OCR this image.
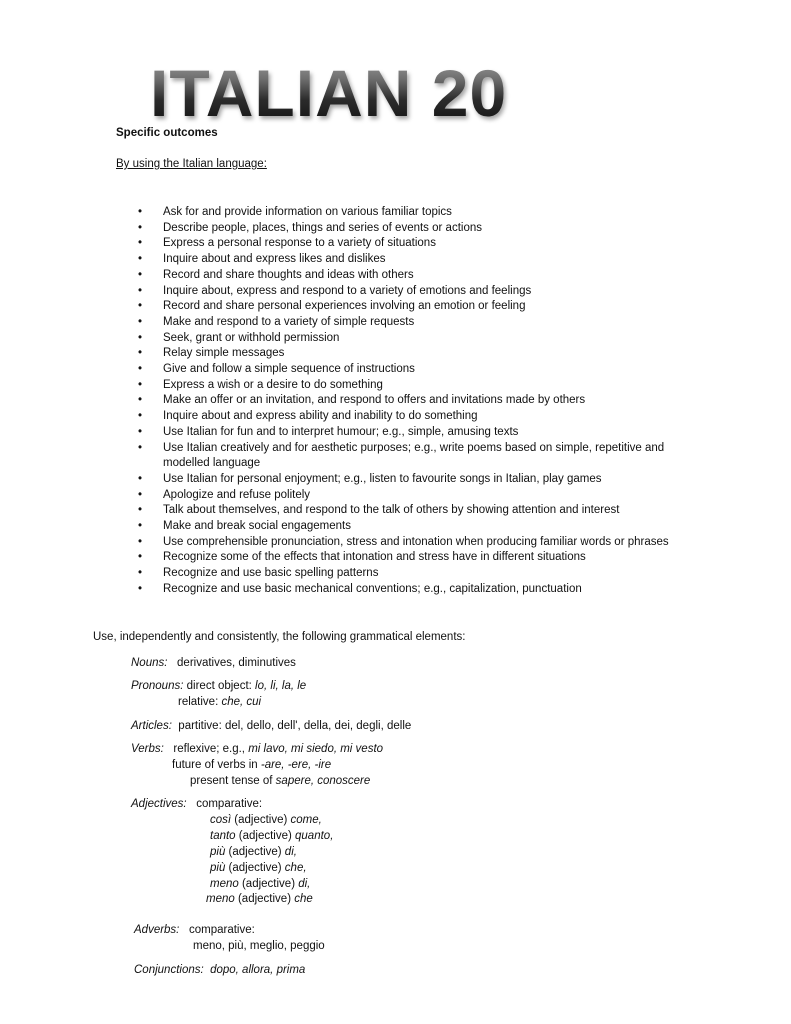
ITALIAN 20
Specific outcomes
By using the Italian language:
• Ask for and provide information on various familiar topics
• Describe people, places, things and series of events or actions
• Express a personal response to a variety of situations
• Inquire about and express likes and dislikes
• Record and share thoughts and ideas with others
• Inquire about, express and respond to a variety of emotions and feelings
• Record and share personal experiences involving an emotion or feeling
• Make and respond to a variety of simple requests
• Seek, grant or withhold permission
• Relay simple messages
• Give and follow a simple sequence of instructions
• Express a wish or a desire to do something
• Make an offer or an invitation, and respond to offers and invitations made by others
• Inquire about and express ability and inability to do something
• Use Italian for fun and to interpret humour; e.g., simple, amusing texts
• Use Italian creatively and for aesthetic purposes; e.g., write poems based on simple, repetitive and modelled language
• Use Italian for personal enjoyment; e.g., listen to favourite songs in Italian, play games
• Apologize and refuse politely
• Talk about themselves, and respond to the talk of others by showing attention and interest
• Make and break social engagements
• Use comprehensible pronunciation, stress and intonation when producing familiar words or phrases
• Recognize some of the effects that intonation and stress have in different situations
• Recognize and use basic spelling patterns
• Recognize and use basic mechanical conventions; e.g., capitalization, punctuation
Use, independently and consistently, the following grammatical elements:
Nouns: derivatives, diminutives
Pronouns: direct object: lo, li, la, le
relative: che, cui
Articles: partitive: del, dello, dell', della, dei, degli, delle
Verbs: reflexive; e.g., mi lavo, mi siedo, mi vesto
future of verbs in -are, -ere, -ire
present tense of sapere, conoscere
Adjectives: comparative:
così (adjective) come,
tanto (adjective) quanto,
più (adjective) di,
più (adjective) che,
meno (adjective) di,
meno (adjective) che
Adverbs: comparative:
meno, più, meglio, peggio
Conjunctions: dopo, allora, prima
